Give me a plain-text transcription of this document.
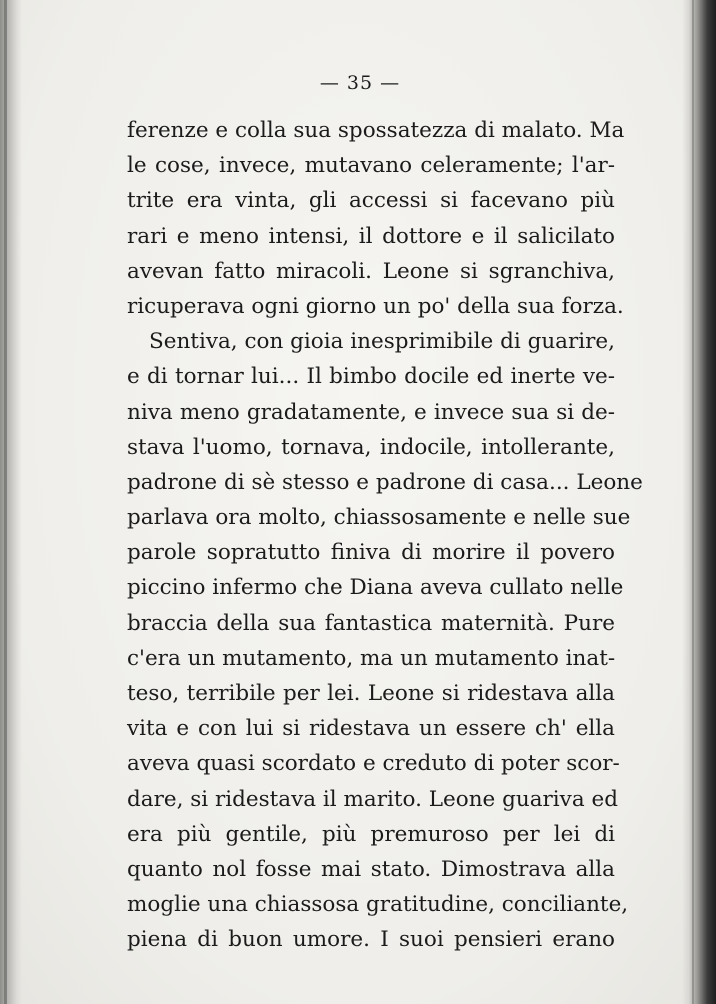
— 35 —
ferenze e colla sua spossatezza di malato. Ma
le cose, invece, mutavano celeramente; l'ar-
trite era vinta, gli accessi si facevano più
rari e meno intensi, il dottore e il salicilato
avevan fatto miracoli. Leone si sgranchiva,
ricuperava ogni giorno un po' della sua forza.
Sentiva, con gioia inesprimibile di guarire,
e di tornar lui... Il bimbo docile ed inerte ve-
niva meno gradatamente, e invece sua si de-
stava l'uomo, tornava, indocile, intollerante,
padrone di sè stesso e padrone di casa... Leone
parlava ora molto, chiassosamente e nelle sue
parole sopratutto finiva di morire il povero
piccino infermo che Diana aveva cullato nelle
braccia della sua fantastica maternità. Pure
c'era un mutamento, ma un mutamento inat-
teso, terribile per lei. Leone si ridestava alla
vita e con lui si ridestava un essere ch' ella
aveva quasi scordato e creduto di poter scor-
dare, si ridestava il marito. Leone guariva ed
era più gentile, più premuroso per lei di
quanto nol fosse mai stato. Dimostrava alla
moglie una chiassosa gratitudine, conciliante,
piena di buon umore. I suoi pensieri erano
